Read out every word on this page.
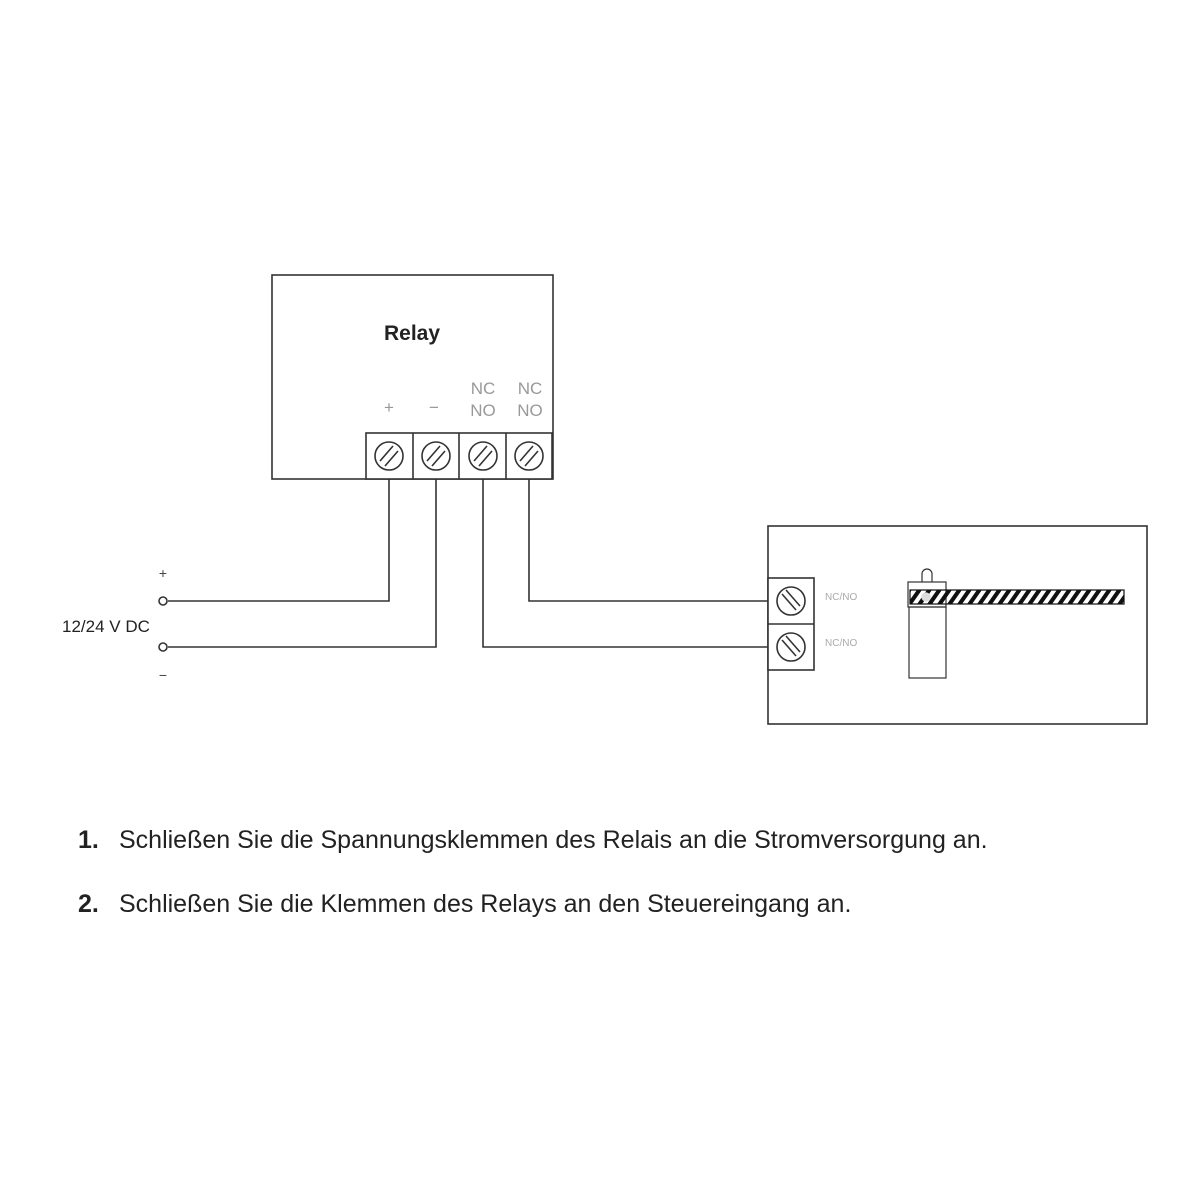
Relay
+ −
NC
NO
NC
NO
+
−
12/24 V DC
NC/NO
NC/NO
1. Schließen Sie die Spannungsklemmen des Relais an die Stromversorgung an.
2. Schließen Sie die Klemmen des Relays an den Steuereingang an.
